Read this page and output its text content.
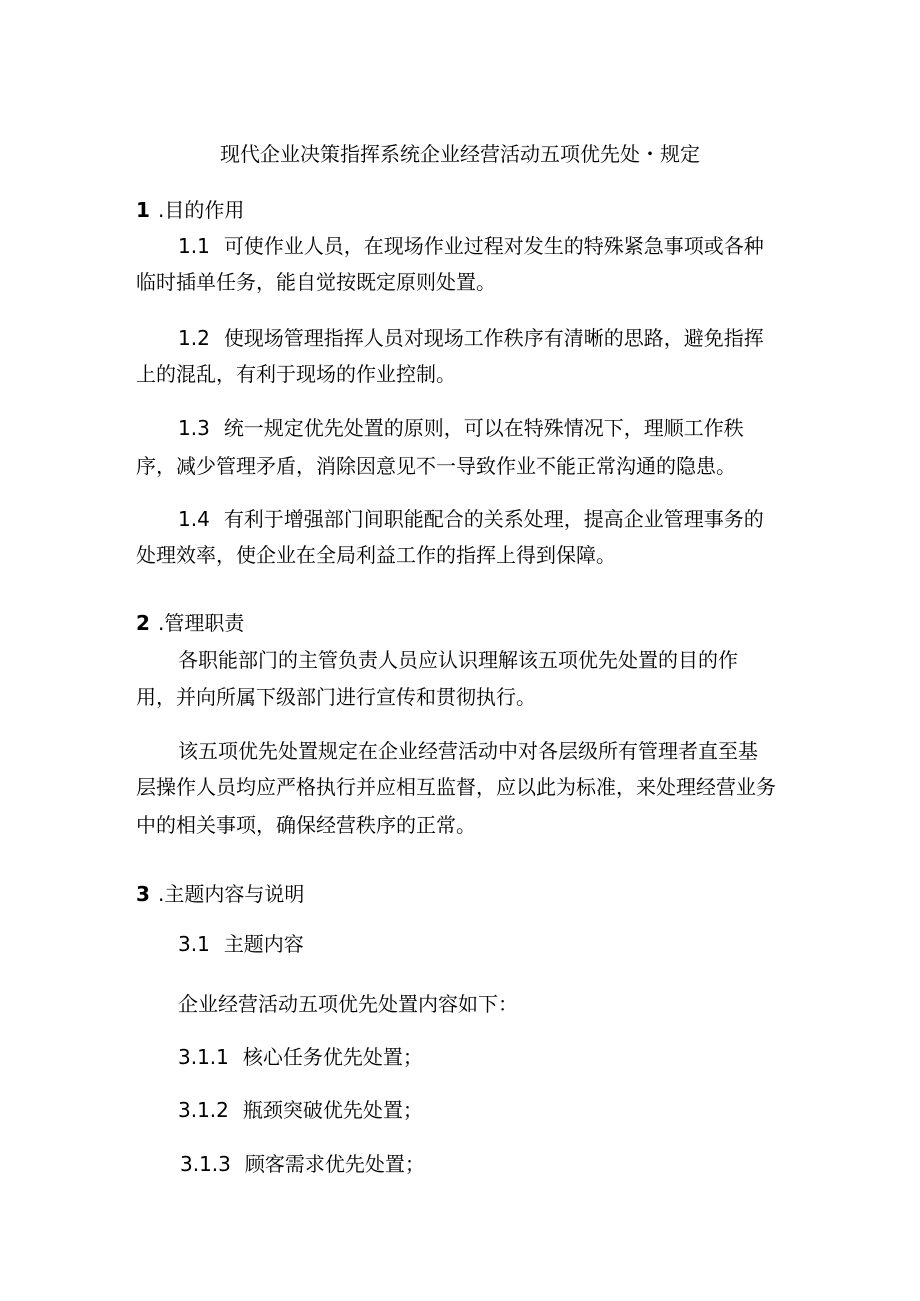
现代企业决策指挥系统企业经营活动五项优先处・规定
1 .目的作用
1.1 可使作业人员，在现场作业过程对发生的特殊紧急事项或各种
临时插单任务，能自觉按既定原则处置。
1.2 使现场管理指挥人员对现场工作秩序有清晰的思路，避免指挥
上的混乱，有利于现场的作业控制。
1.3 统一规定优先处置的原则，可以在特殊情况下，理顺工作秩
序，减少管理矛盾，消除因意见不一导致作业不能正常沟通的隐患。
1.4 有利于增强部门间职能配合的关系处理，提高企业管理事务的
处理效率，使企业在全局利益工作的指挥上得到保障。
2 .管理职责
各职能部门的主管负责人员应认识理解该五项优先处置的目的作
用，并向所属下级部门进行宣传和贯彻执行。
该五项优先处置规定在企业经营活动中对各层级所有管理者直至基
层操作人员均应严格执行并应相互监督，应以此为标准，来处理经营业务
中的相关事项，确保经营秩序的正常。
3 .主题内容与说明
3.1 主题内容
企业经营活动五项优先处置内容如下：
3.1.1 核心任务优先处置；
3.1.2 瓶颈突破优先处置；
3.1.3 顾客需求优先处置；
